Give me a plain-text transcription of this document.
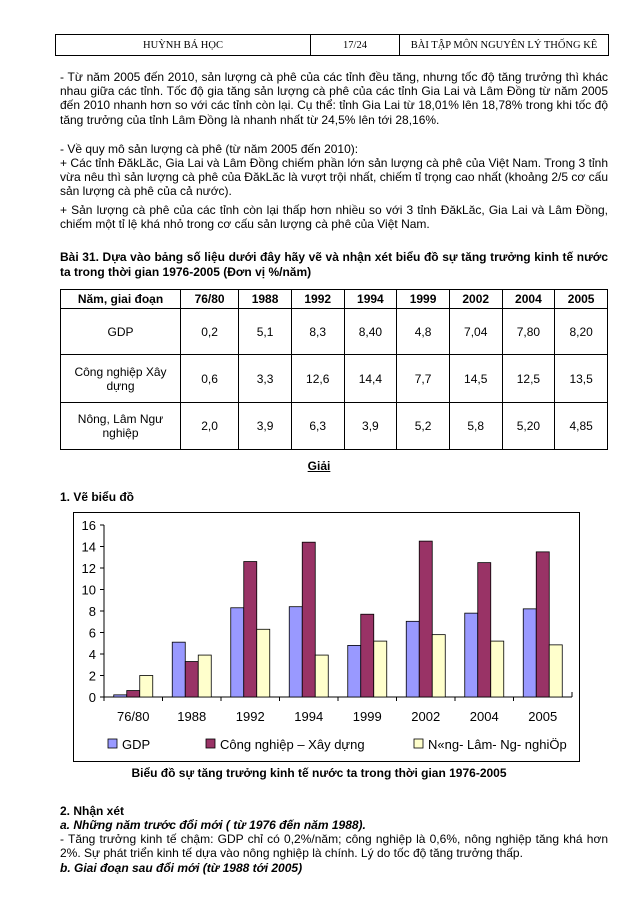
HUỲNH BÁ HỌC	17/24	BÀI TẬP MÔN NGUYÊN LÝ THỐNG KÊ
- Từ năm 2005 đến 2010, sản lượng cà phê của các tỉnh đều tăng, nhưng tốc độ tăng trưởng thì khác nhau giữa các tỉnh. Tốc độ gia tăng sản lượng cà phê của các tỉnh Gia Lai và Lâm Đồng từ năm 2005 đến 2010 nhanh hơn so với các tỉnh còn lại. Cụ thể: tỉnh Gia Lai từ 18,01% lên 18,78% trong khi tốc độ tăng trưởng của tỉnh Lâm Đồng là nhanh nhất từ 24,5% lên tới 28,16%.
- Về quy mô sản lượng cà phê (từ năm 2005 đến 2010):
+ Các tỉnh ĐăkLăc, Gia Lai và Lâm Đồng chiếm phần lớn sản lượng cà phê của Việt Nam. Trong 3 tỉnh vừa nêu thì sản lượng cà phê của ĐăkLăc là vượt trội nhất, chiếm tỉ trọng cao nhất (khoảng 2/5 cơ cấu sản lượng cà phê của cả nước).
+ Sản lượng cà phê của các tỉnh còn lại thấp hơn nhiều so với 3 tỉnh ĐăkLăc, Gia Lai và Lâm Đồng, chiếm một tỉ lệ khá nhỏ trong cơ cấu sản lượng cà phê của Việt Nam.
Bài 31. Dựa vào bảng số liệu dưới đây hãy vẽ và nhận xét biểu đồ sự tăng trưởng kinh tế nước ta trong thời gian 1976-2005 (Đơn vị %/năm)
Năm, giai đoạn	76/80	1988	1992	1994	1999	2002	2004	2005
GDP	0,2	5,1	8,3	8,40	4,8	7,04	7,80	8,20
Công nghiệp Xây dựng	0,6	3,3	12,6	14,4	7,7	14,5	12,5	13,5
Nông, Lâm Ngư nghiệp	2,0	3,9	6,3	3,9	5,2	5,8	5,20	4,85
Giải
1. Vẽ biểu đồ
0
2
4
6
8
10
12
14
16
76/80 1988 1992 1994 1999 2002 2004 2005
GDP	Công nghiệp – Xây dựng	N«ng- Lâm- Ng- nghiÖp
Biểu đồ sự tăng trưởng kinh tế nước ta trong thời gian 1976-2005
2. Nhận xét
a. Những năm trước đổi mới ( từ 1976 đến năm 1988).
- Tăng trưởng kinh tế chậm: GDP chỉ có 0,2%/năm; công nghiệp là 0,6%, nông nghiệp tăng khá hơn 2%. Sự phát triển kinh tế dựa vào nông nghiệp là chính. Lý do tốc độ tăng trưởng thấp.
b. Giai đoạn sau đổi mới (từ 1988 tới 2005)
